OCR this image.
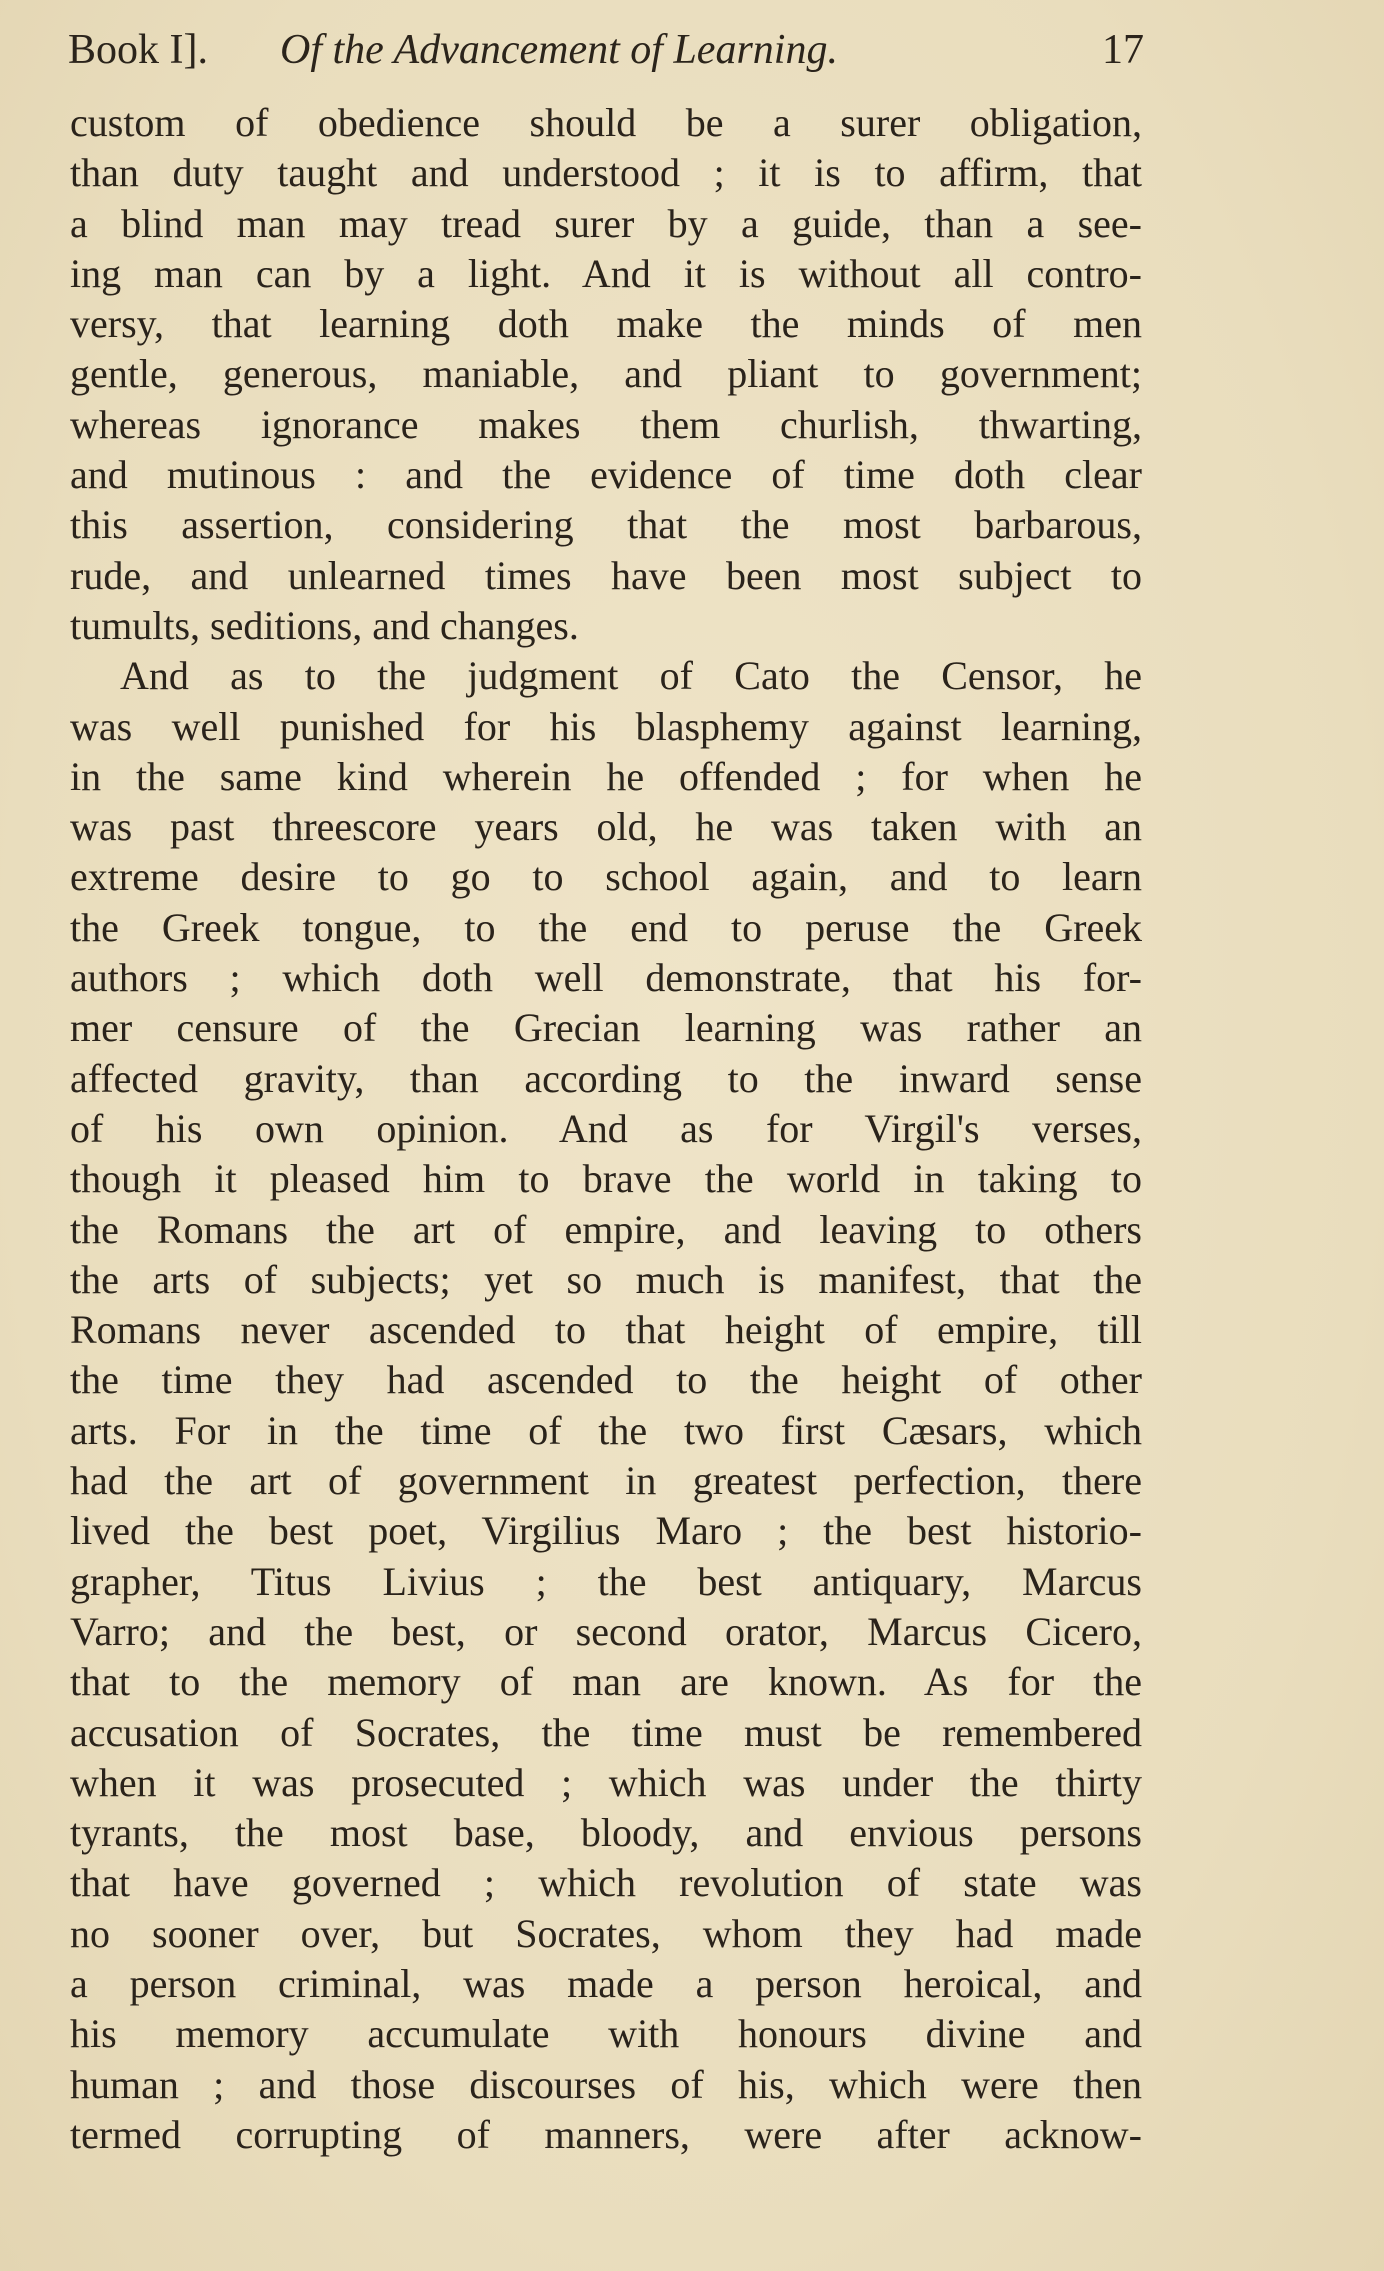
Book I]. Of the Advancement of Learning.	17
custom of obedience should be a surer obligation,
than duty taught and understood ; it is to affirm, that
a blind man may tread surer by a guide, than a see-
ing man can by a light. And it is without all contro-
versy, that learning doth make the minds of men
gentle, generous, maniable, and pliant to government;
whereas ignorance makes them churlish, thwarting,
and mutinous : and the evidence of time doth clear
this assertion, considering that the most barbarous,
rude, and unlearned times have been most subject to
tumults, seditions, and changes.
And as to the judgment of Cato the Censor, he
was well punished for his blasphemy against learning,
in the same kind wherein he offended ; for when he
was past threescore years old, he was taken with an
extreme desire to go to school again, and to learn
the Greek tongue, to the end to peruse the Greek
authors ; which doth well demonstrate, that his for-
mer censure of the Grecian learning was rather an
affected gravity, than according to the inward sense
of his own opinion. And as for Virgil's verses,
though it pleased him to brave the world in taking to
the Romans the art of empire, and leaving to others
the arts of subjects; yet so much is manifest, that the
Romans never ascended to that height of empire, till
the time they had ascended to the height of other
arts. For in the time of the two first Cæsars, which
had the art of government in greatest perfection, there
lived the best poet, Virgilius Maro ; the best historio-
grapher, Titus Livius ; the best antiquary, Marcus
Varro; and the best, or second orator, Marcus Cicero,
that to the memory of man are known. As for the
accusation of Socrates, the time must be remembered
when it was prosecuted ; which was under the thirty
tyrants, the most base, bloody, and envious persons
that have governed ; which revolution of state was
no sooner over, but Socrates, whom they had made
a person criminal, was made a person heroical, and
his memory accumulate with honours divine and
human ; and those discourses of his, which were then
termed corrupting of manners, were after acknow-
